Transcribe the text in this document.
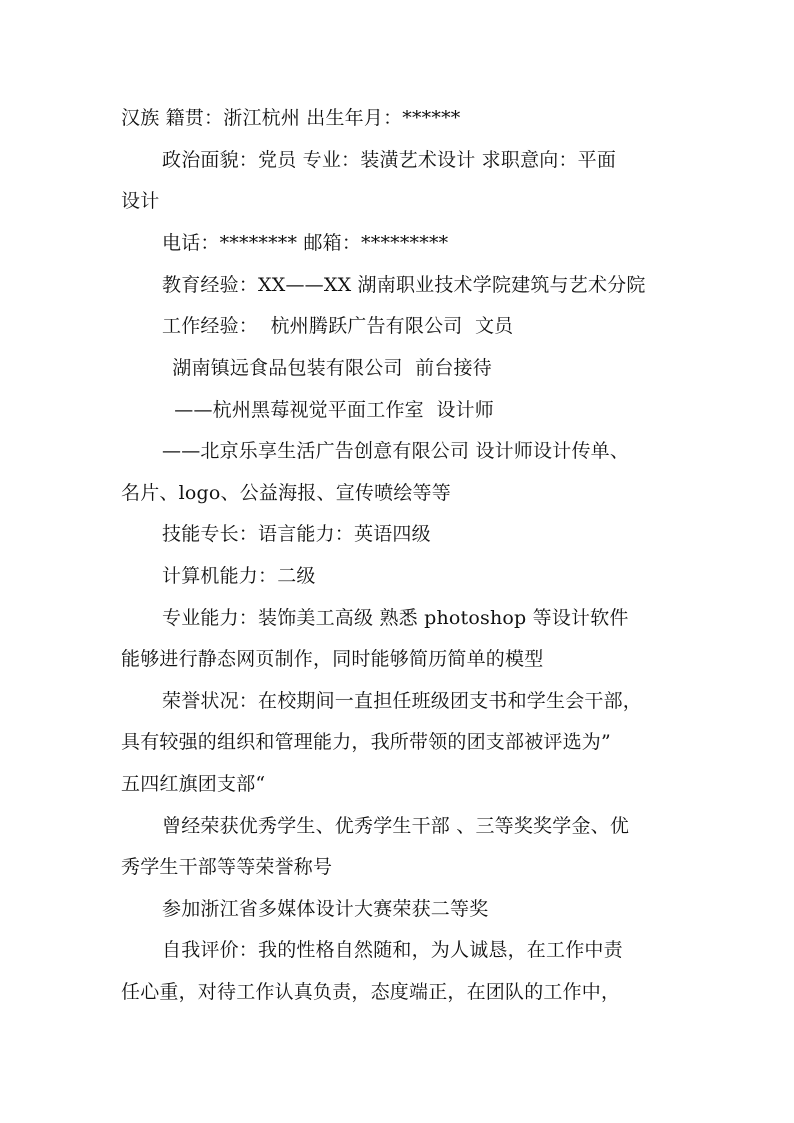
汉族 籍贯：浙江杭州 出生年月：******
政治面貌：党员 专业：装潢艺术设计 求职意向：平面
设计
电话：******** 邮箱：*********
教育经验：XX——XX 湖南职业技术学院建筑与艺术分院
工作经验：  杭州腾跃广告有限公司  文员
湖南镇远食品包装有限公司  前台接待
——杭州黑莓视觉平面工作室  设计师
——北京乐享生活广告创意有限公司 设计师设计传单、
名片、logo、公益海报、宣传喷绘等等
技能专长：语言能力：英语四级
计算机能力：二级
专业能力：装饰美工高级 熟悉 photoshop 等设计软件
能够进行静态网页制作，同时能够简历简单的模型
荣誉状况：在校期间一直担任班级团支书和学生会干部，
具有较强的组织和管理能力，我所带领的团支部被评选为”
五四红旗团支部“
曾经荣获优秀学生、优秀学生干部 、三等奖奖学金、优
秀学生干部等等荣誉称号
参加浙江省多媒体设计大赛荣获二等奖
自我评价：我的性格自然随和，为人诚恳，在工作中责
任心重，对待工作认真负责，态度端正，在团队的工作中，
